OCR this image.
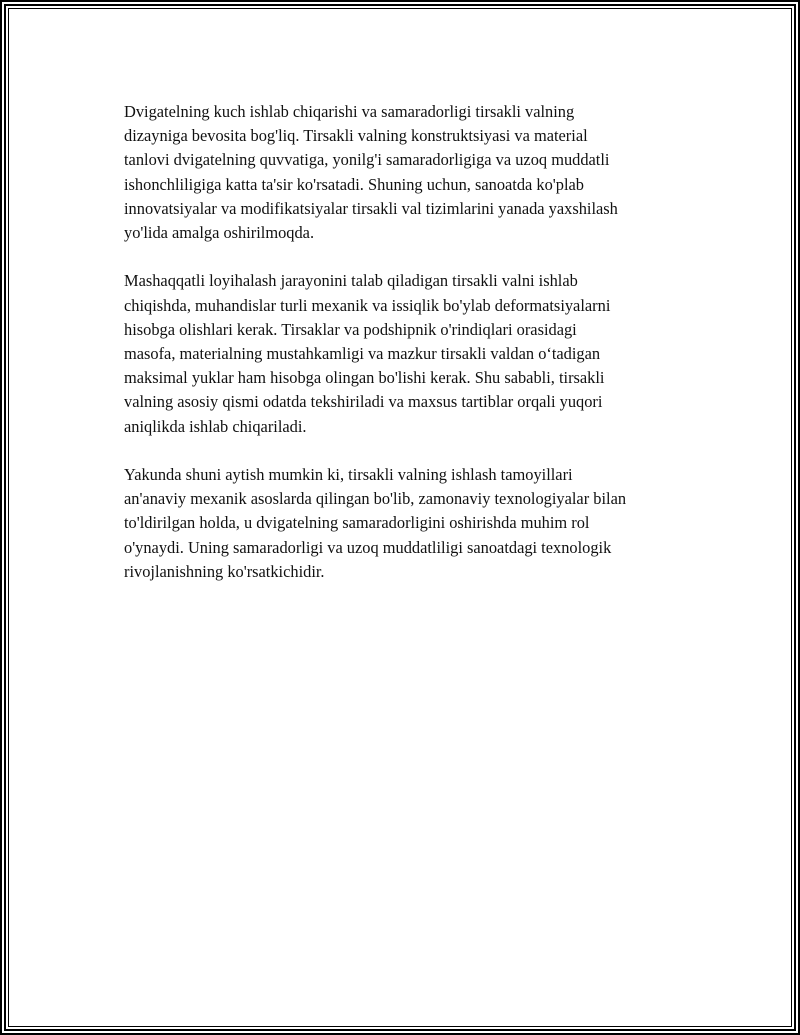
Dvigatelning kuch ishlab chiqarishi va samaradorligi tirsakli valning
dizayniga bevosita bog'liq. Tirsakli valning konstruktsiyasi va material
tanlovi dvigatelning quvvatiga, yonilg'i samaradorligiga va uzoq muddatli
ishonchliligiga katta ta'sir ko'rsatadi. Shuning uchun, sanoatda ko'plab
innovatsiyalar va modifikatsiyalar tirsakli val tizimlarini yanada yaxshilash
yo'lida amalga oshirilmoqda.

Mashaqqatli loyihalash jarayonini talab qiladigan tirsakli valni ishlab
chiqishda, muhandislar turli mexanik va issiqlik bo'ylab deformatsiyalarni
hisobga olishlari kerak. Tirsaklar va podshipnik o'rindiqlari orasidagi
masofa, materialning mustahkamligi va mazkur tirsakli valdan o‘tadigan
maksimal yuklar ham hisobga olingan bo'lishi kerak. Shu sababli, tirsakli
valning asosiy qismi odatda tekshiriladi va maxsus tartiblar orqali yuqori
aniqlikda ishlab chiqariladi.

Yakunda shuni aytish mumkin ki, tirsakli valning ishlash tamoyillari
an'anaviy mexanik asoslarda qilingan bo'lib, zamonaviy texnologiyalar bilan
to'ldirilgan holda, u dvigatelning samaradorligini oshirishda muhim rol
o'ynaydi. Uning samaradorligi va uzoq muddatliligi sanoatdagi texnologik
rivojlanishning ko'rsatkichidir.
